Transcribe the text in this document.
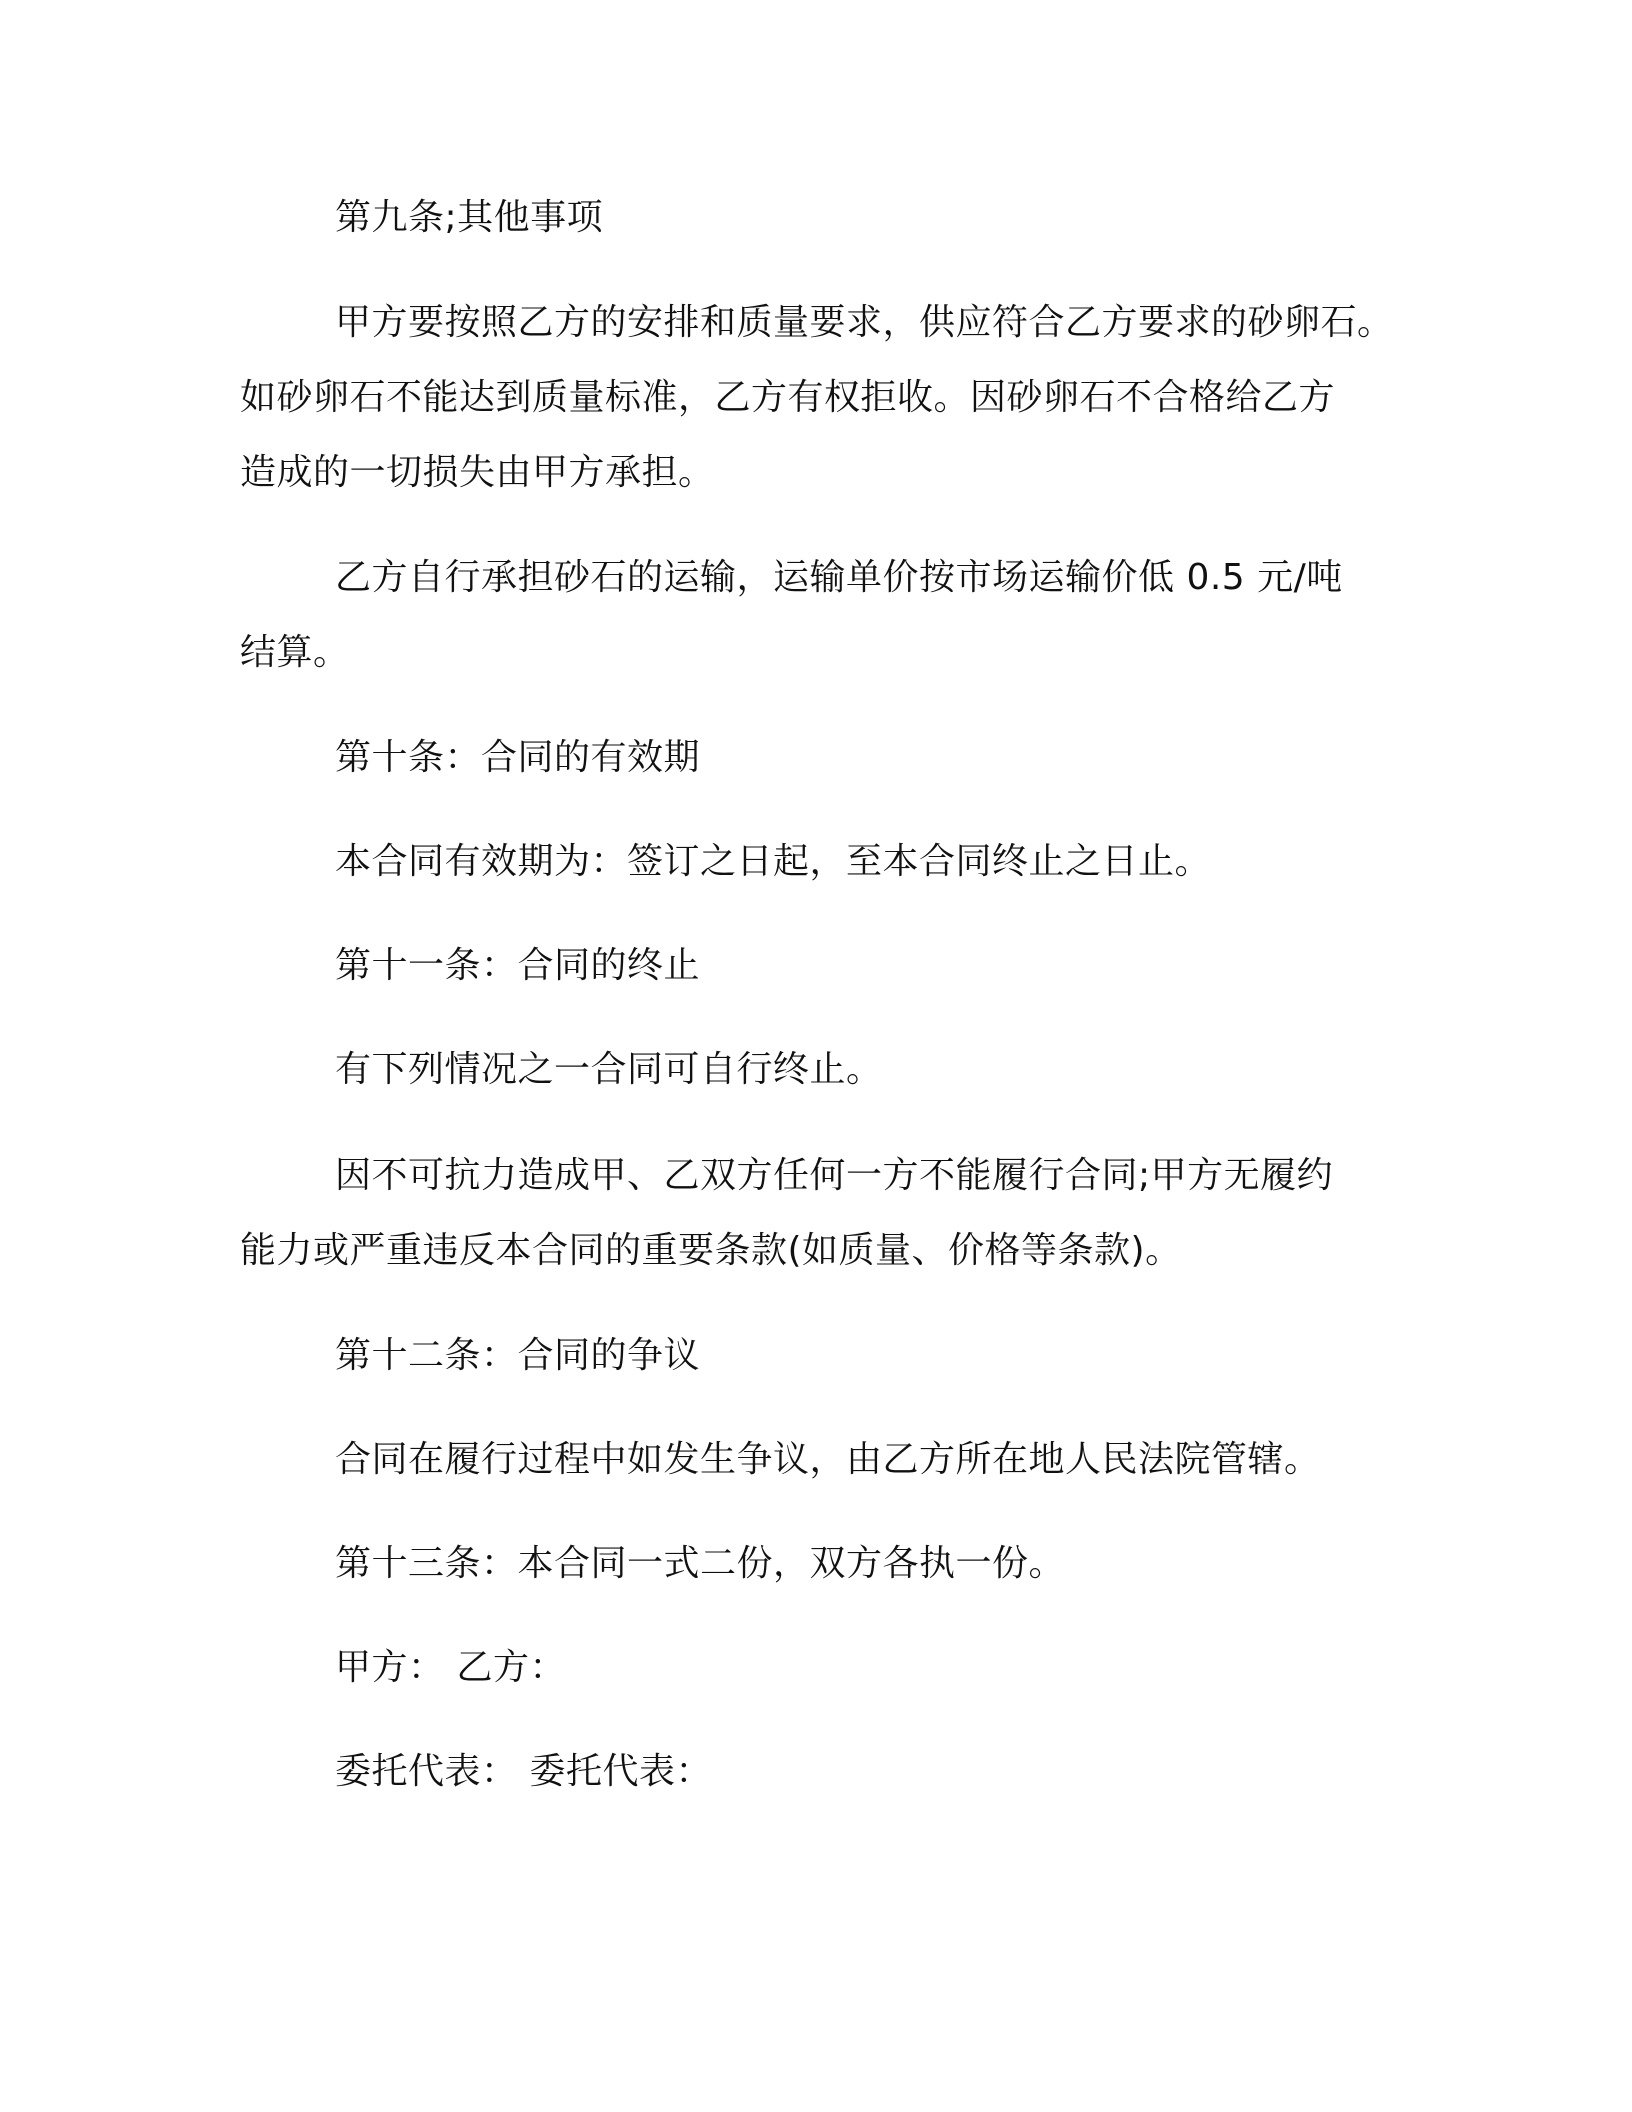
第九条;其他事项
甲方要按照乙方的安排和质量要求，供应符合乙方要求的砂卵石。
如砂卵石不能达到质量标准，乙方有权拒收。因砂卵石不合格给乙方
造成的一切损失由甲方承担。
乙方自行承担砂石的运输，运输单价按市场运输价低 0.5 元/吨
结算。
第十条：合同的有效期
本合同有效期为：签订之日起，至本合同终止之日止。
第十一条：合同的终止
有下列情况之一合同可自行终止。
因不可抗力造成甲、乙双方任何一方不能履行合同;甲方无履约
能力或严重违反本合同的重要条款(如质量、价格等条款)。
第十二条：合同的争议
合同在履行过程中如发生争议，由乙方所在地人民法院管辖。
第十三条：本合同一式二份，双方各执一份。
甲方： 乙方：
委托代表： 委托代表：
